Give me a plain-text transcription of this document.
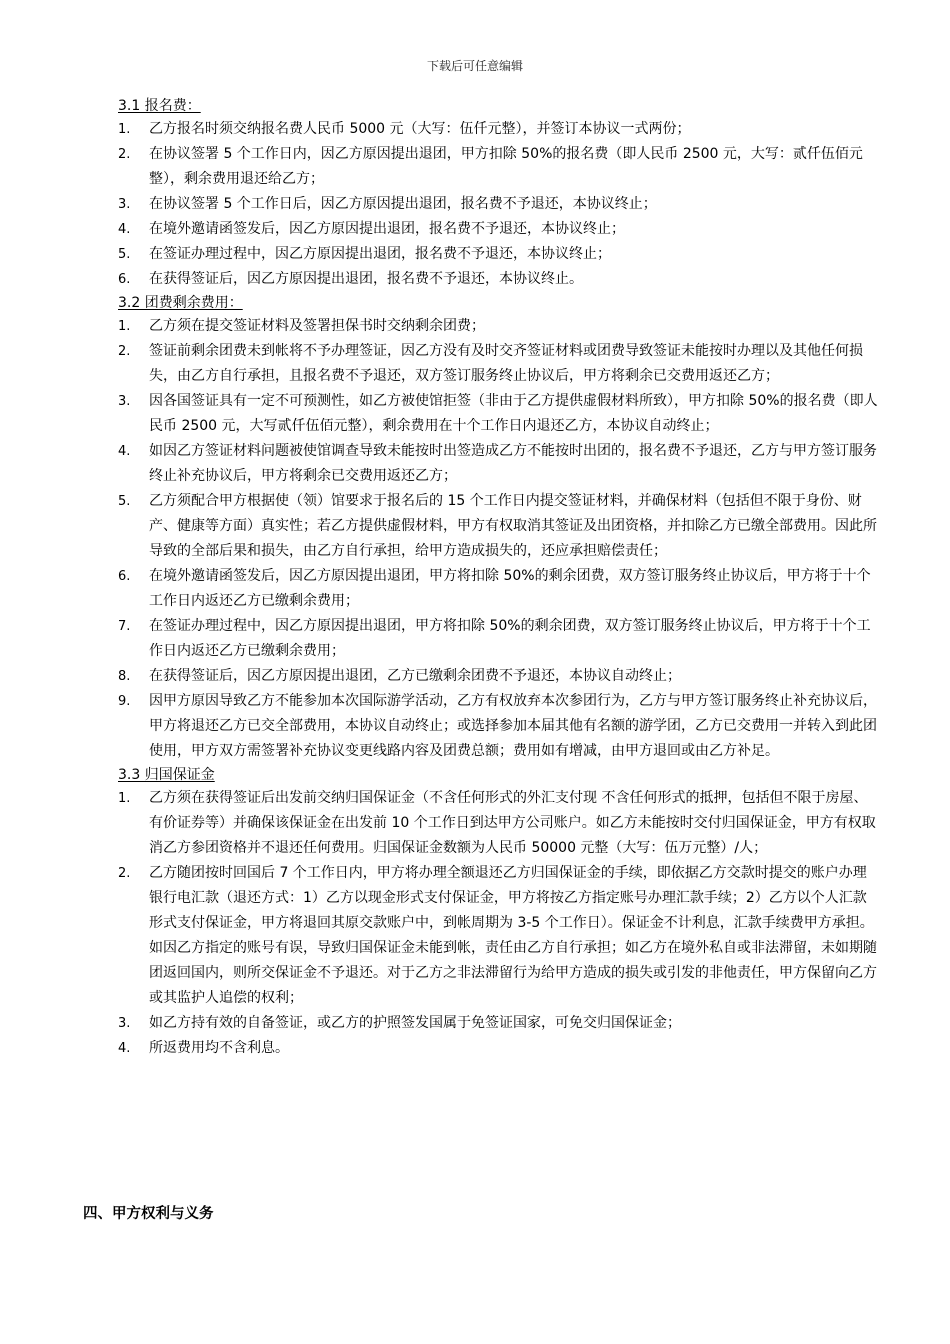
下载后可任意编辑
3.1 报名费：
1. 乙方报名时须交纳报名费人民币 5000 元（大写：伍仟元整），并签订本协议一式两份；
2. 在协议签署 5 个工作日内，因乙方原因提出退团，甲方扣除 50%的报名费（即人民币 2500 元，大写：贰仟伍佰元整），剩余费用退还给乙方；
3. 在协议签署 5 个工作日后，因乙方原因提出退团，报名费不予退还，本协议终止；
4. 在境外邀请函签发后，因乙方原因提出退团，报名费不予退还，本协议终止；
5. 在签证办理过程中，因乙方原因提出退团，报名费不予退还，本协议终止；
6. 在获得签证后，因乙方原因提出退团，报名费不予退还，本协议终止。
3.2 团费剩余费用：
1. 乙方须在提交签证材料及签署担保书时交纳剩余团费；
2. 签证前剩余团费未到帐将不予办理签证，因乙方没有及时交齐签证材料或团费导致签证未能按时办理以及其他任何损失，由乙方自行承担，且报名费不予退还，双方签订服务终止协议后，甲方将剩余已交费用返还乙方；
3. 因各国签证具有一定不可预测性，如乙方被使馆拒签（非由于乙方提供虚假材料所致），甲方扣除 50%的报名费（即人民币 2500 元，大写贰仟伍佰元整），剩余费用在十个工作日内退还乙方，本协议自动终止；
4. 如因乙方签证材料问题被使馆调查导致未能按时出签造成乙方不能按时出团的，报名费不予退还，乙方与甲方签订服务终止补充协议后，甲方将剩余已交费用返还乙方；
5. 乙方须配合甲方根据使（领）馆要求于报名后的 15 个工作日内提交签证材料，并确保材料（包括但不限于身份、财产、健康等方面）真实性；若乙方提供虚假材料，甲方有权取消其签证及出团资格，并扣除乙方已缴全部费用。因此所导致的全部后果和损失，由乙方自行承担，给甲方造成损失的，还应承担赔偿责任；
6. 在境外邀请函签发后，因乙方原因提出退团，甲方将扣除 50%的剩余团费，双方签订服务终止协议后，甲方将于十个工作日内返还乙方已缴剩余费用；
7. 在签证办理过程中，因乙方原因提出退团，甲方将扣除 50%的剩余团费，双方签订服务终止协议后，甲方将于十个工作日内返还乙方已缴剩余费用；
8. 在获得签证后，因乙方原因提出退团，乙方已缴剩余团费不予退还，本协议自动终止；
9. 因甲方原因导致乙方不能参加本次国际游学活动，乙方有权放弃本次参团行为，乙方与甲方签订服务终止补充协议后，甲方将退还乙方已交全部费用，本协议自动终止；或选择参加本届其他有名额的游学团，乙方已交费用一并转入到此团使用，甲方双方需签署补充协议变更线路内容及团费总额；费用如有增减，由甲方退回或由乙方补足。
3.3 归国保证金
1. 乙方须在获得签证后出发前交纳归国保证金（不含任何形式的外汇支付现 不含任何形式的抵押，包括但不限于房屋、有价证券等）并确保该保证金在出发前 10 个工作日到达甲方公司账户。如乙方未能按时交付归国保证金，甲方有权取消乙方参团资格并不退还任何费用。归国保证金数额为人民币 50000 元整（大写：伍万元整）/人；
2. 乙方随团按时回国后 7 个工作日内，甲方将办理全额退还乙方归国保证金的手续，即依据乙方交款时提交的账户办理银行电汇款（退还方式：1）乙方以现金形式支付保证金，甲方将按乙方指定账号办理汇款手续；2）乙方以个人汇款形式支付保证金，甲方将退回其原交款账户中，到帐周期为 3-5 个工作日）。保证金不计利息，汇款手续费甲方承担。如因乙方指定的账号有误，导致归国保证金未能到帐，责任由乙方自行承担；如乙方在境外私自或非法滞留，未如期随团返回国内，则所交保证金不予退还。对于乙方之非法滞留行为给甲方造成的损失或引发的非他责任，甲方保留向乙方或其监护人追偿的权利；
3. 如乙方持有效的自备签证，或乙方的护照签发国属于免签证国家，可免交归国保证金；
4. 所返费用均不含利息。
四、甲方权利与义务
